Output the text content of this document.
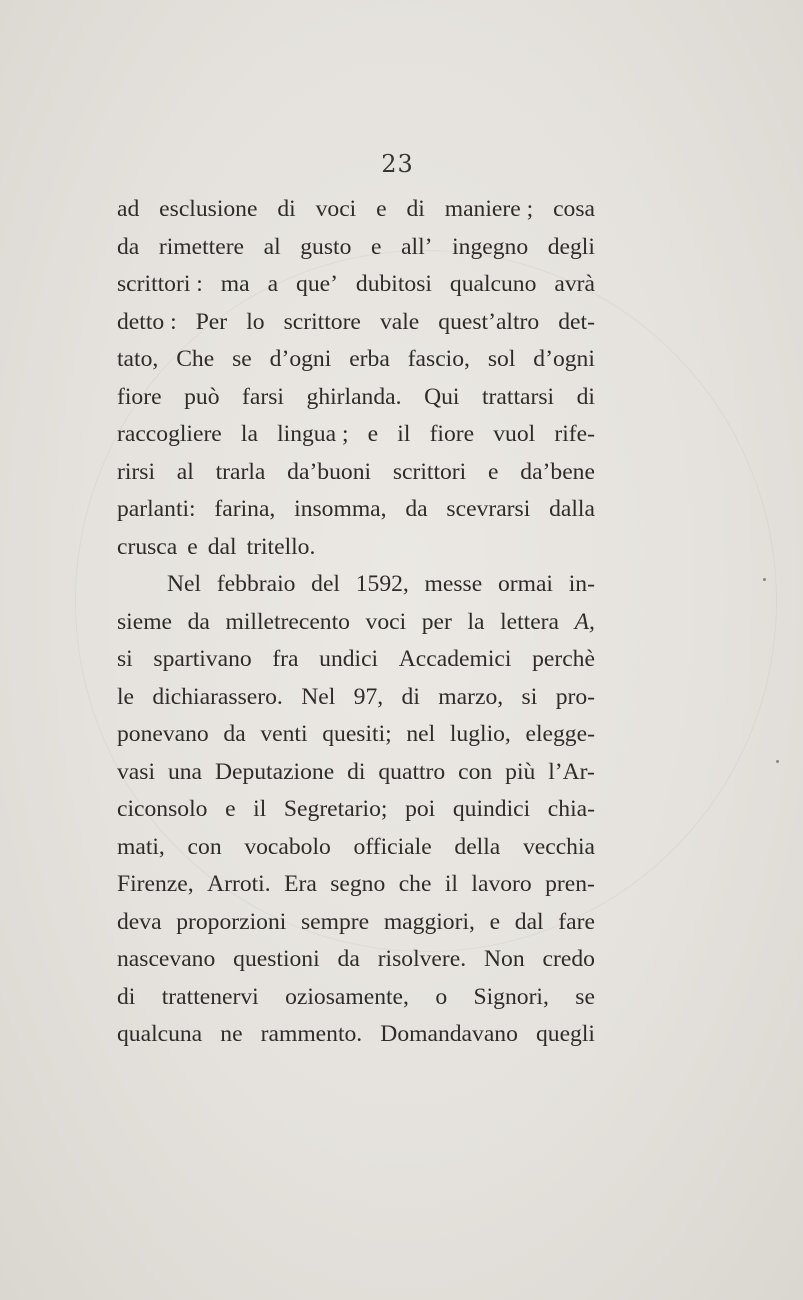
23
ad esclusione di voci e di maniere ; cosa
da rimettere al gusto e all’ ingegno degli
scrittori : ma a que’ dubitosi qualcuno avrà
detto : Per lo scrittore vale quest’altro det-
tato, Che se d’ogni erba fascio, sol d’ogni
fiore può farsi ghirlanda. Qui trattarsi di
raccogliere la lingua ; e il fiore vuol rife-
rirsi al trarla da’buoni scrittori e da’bene
parlanti: farina, insomma, da scevrarsi dalla
crusca e dal tritello.
Nel febbraio del 1592, messe ormai in-
sieme da milletrecento voci per la lettera A,
si spartivano fra undici Accademici perchè
le dichiarassero. Nel 97, di marzo, si pro-
ponevano da venti quesiti; nel luglio, elegge-
vasi una Deputazione di quattro con più l’Ar-
ciconsolo e il Segretario; poi quindici chia-
mati, con vocabolo officiale della vecchia
Firenze, Arroti. Era segno che il lavoro pren-
deva proporzioni sempre maggiori, e dal fare
nascevano questioni da risolvere. Non credo
di trattenervi oziosamente, o Signori, se
qualcuna ne rammento. Domandavano quegli
